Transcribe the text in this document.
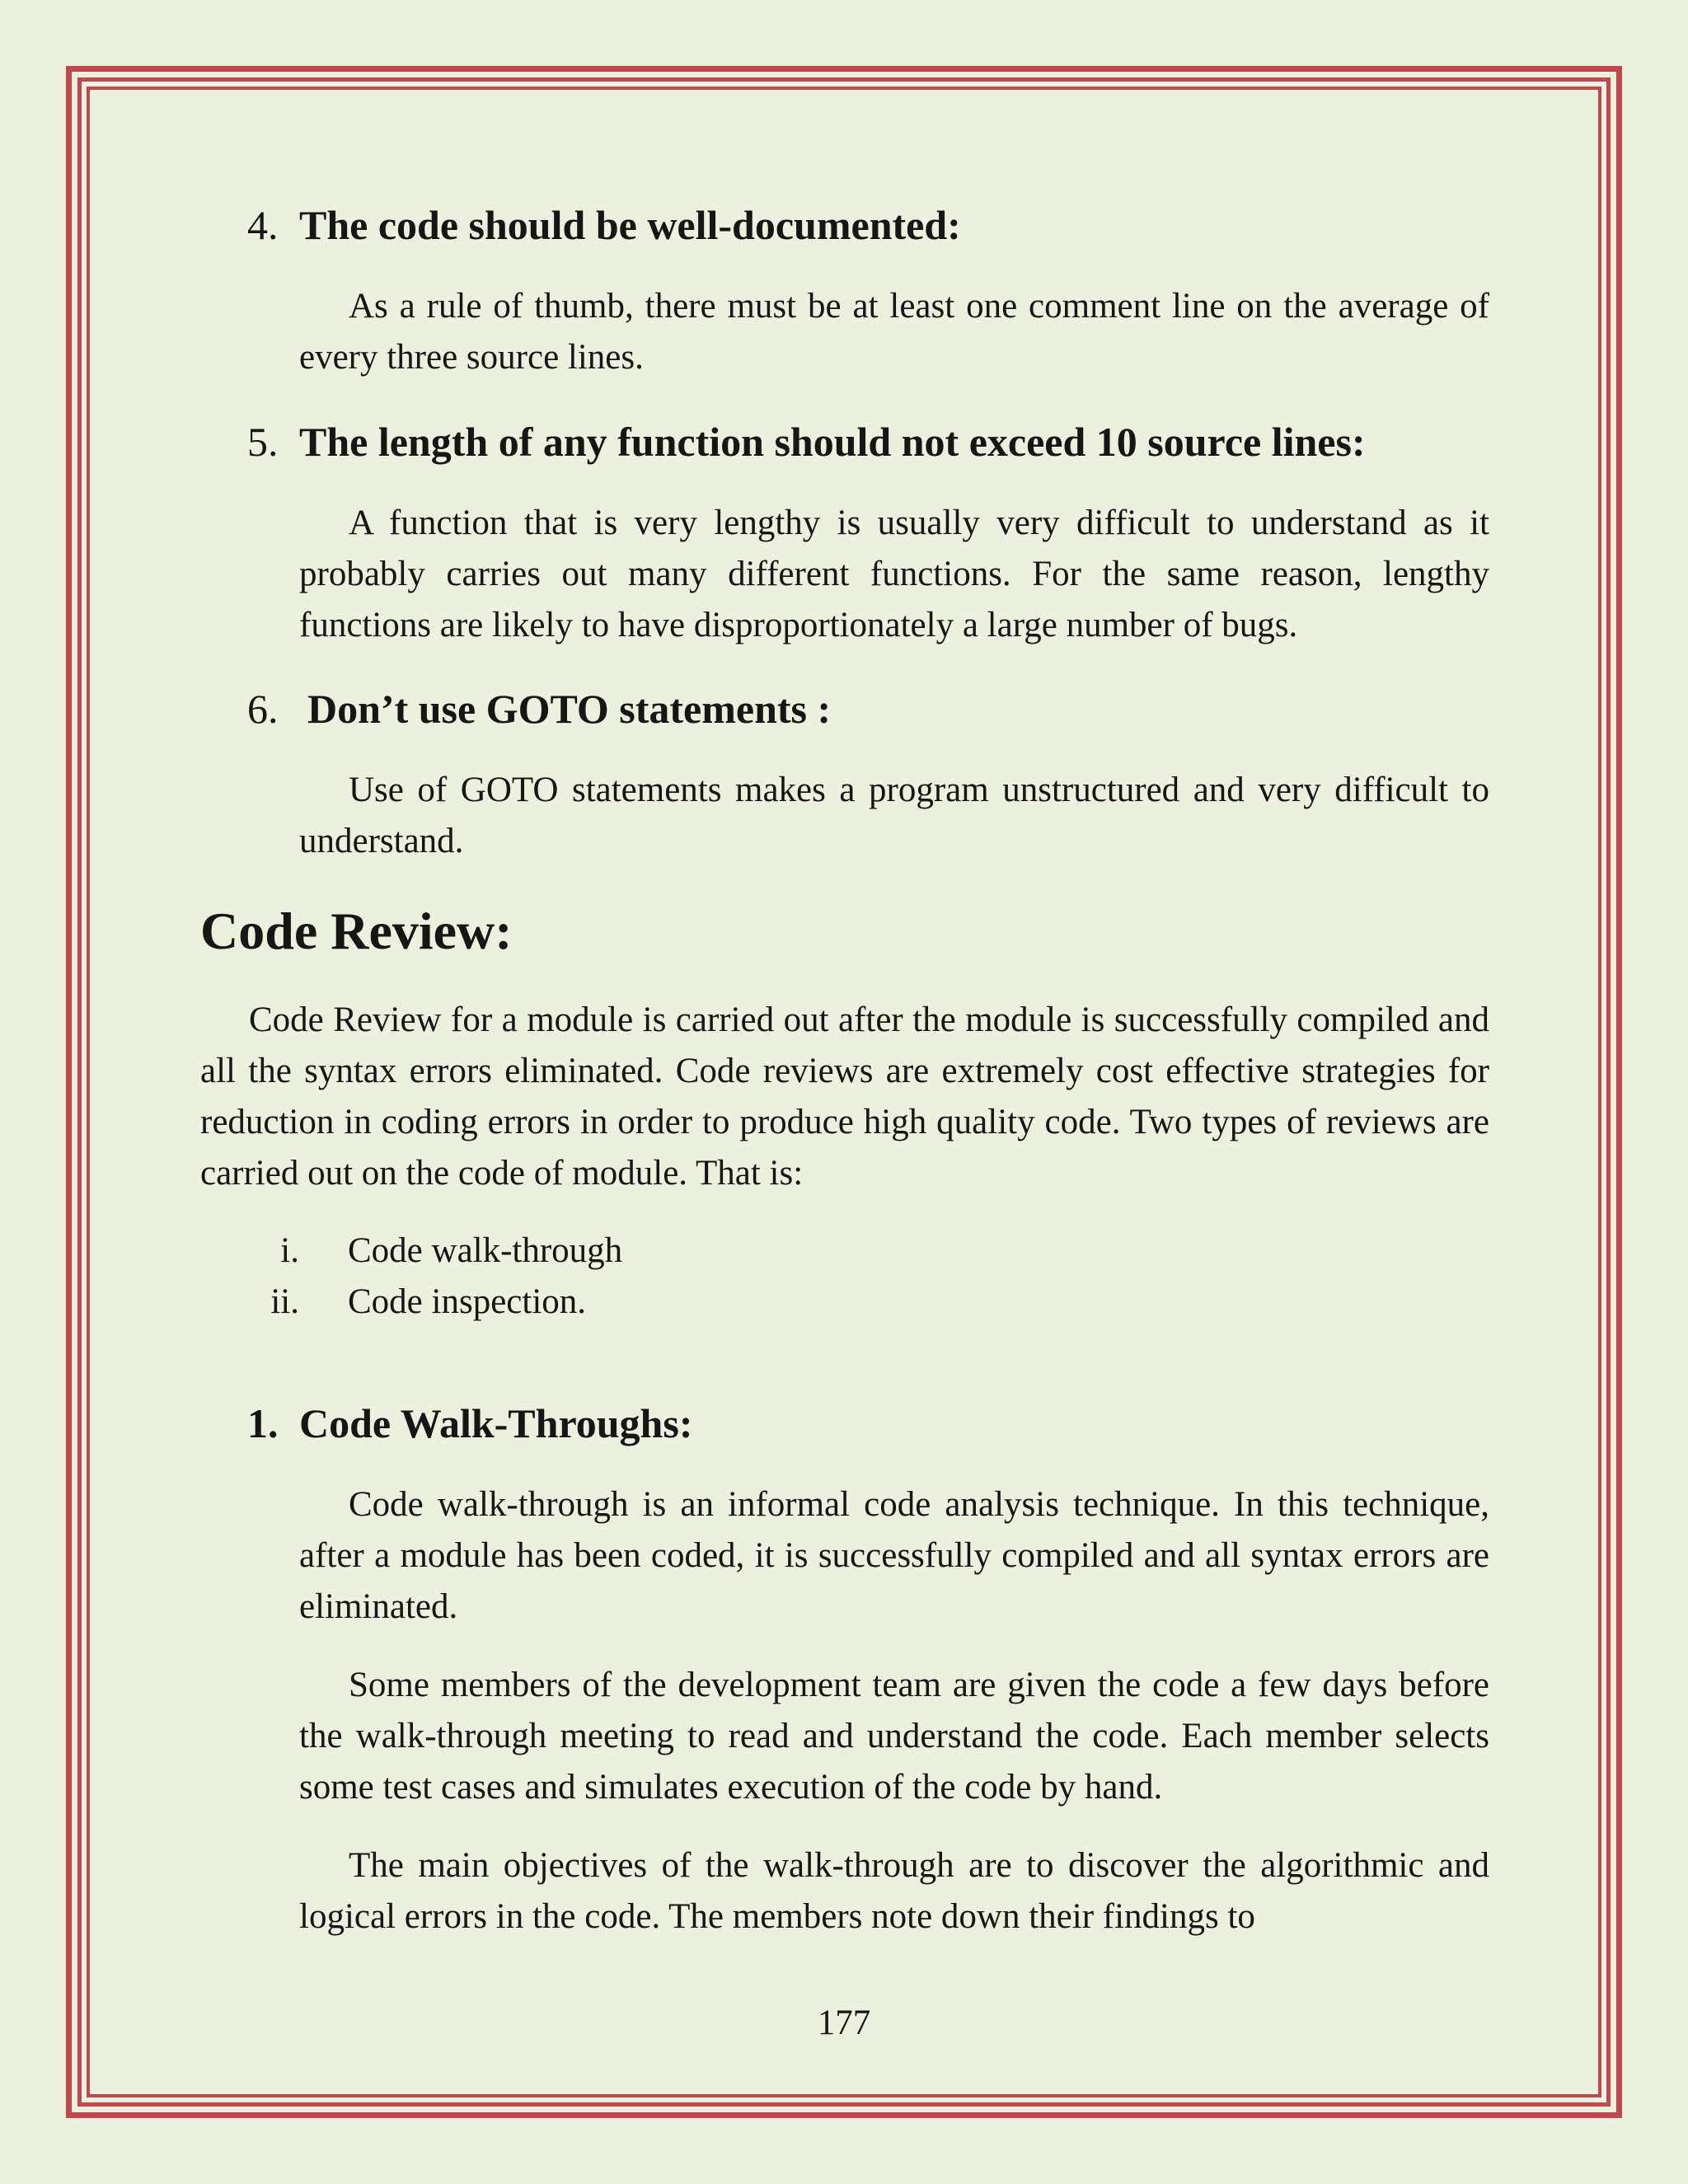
4. The code should be well-documented:

As a rule of thumb, there must be at least one comment line on the average of every three source lines.

5. The length of any function should not exceed 10 source lines:

A function that is very lengthy is usually very difficult to understand as it probably carries out many different functions. For the same reason, lengthy functions are likely to have disproportionately a large number of bugs.

6. Don’t use GOTO statements :

Use of GOTO statements makes a program unstructured and very difficult to understand.

Code Review:

Code Review for a module is carried out after the module is successfully compiled and all the syntax errors eliminated. Code reviews are extremely cost effective strategies for reduction in coding errors in order to produce high quality code. Two types of reviews are carried out on the code of module. That is:

i. Code walk-through
ii. Code inspection.
1. Code Walk-Throughs:

Code walk-through is an informal code analysis technique. In this technique, after a module has been coded, it is successfully compiled and all syntax errors are eliminated.

Some members of the development team are given the code a few days before the walk-through meeting to read and understand the code. Each member selects some test cases and simulates execution of the code by hand.

The main objectives of the walk-through are to discover the algorithmic and logical errors in the code. The members note down their findings to

177
